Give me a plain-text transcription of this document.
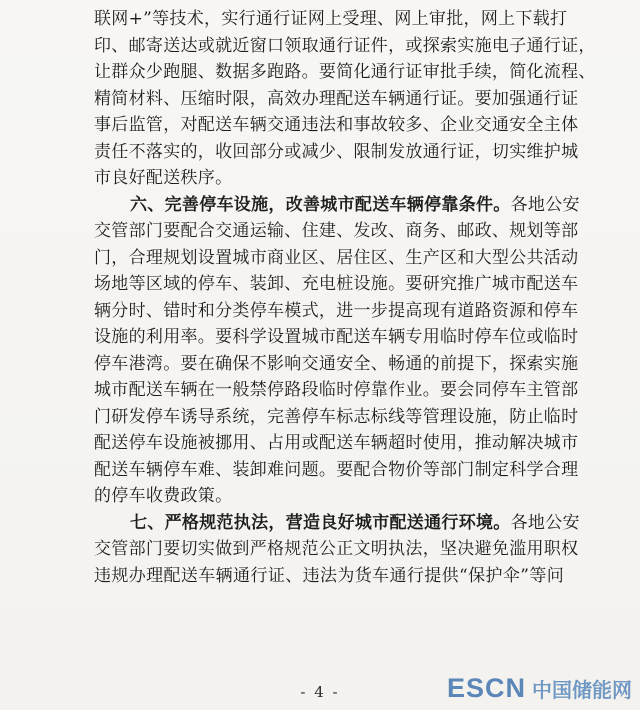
联网+”等技术，实行通行证网上受理、网上审批，网上下载打
印、邮寄送达或就近窗口领取通行证件，或探索实施电子通行证，
让群众少跑腿、数据多跑路。要简化通行证审批手续，简化流程、
精简材料、压缩时限，高效办理配送车辆通行证。要加强通行证
事后监管，对配送车辆交通违法和事故较多、企业交通安全主体
责任不落实的，收回部分或减少、限制发放通行证，切实维护城
市良好配送秩序。
六、完善停车设施，改善城市配送车辆停靠条件。各地公安
交管部门要配合交通运输、住建、发改、商务、邮政、规划等部
门，合理规划设置城市商业区、居住区、生产区和大型公共活动
场地等区域的停车、装卸、充电桩设施。要研究推广城市配送车
辆分时、错时和分类停车模式，进一步提高现有道路资源和停车
设施的利用率。要科学设置城市配送车辆专用临时停车位或临时
停车港湾。要在确保不影响交通安全、畅通的前提下，探索实施
城市配送车辆在一般禁停路段临时停靠作业。要会同停车主管部
门研发停车诱导系统，完善停车标志标线等管理设施，防止临时
配送停车设施被挪用、占用或配送车辆超时使用，推动解决城市
配送车辆停车难、装卸难问题。要配合物价等部门制定科学合理
的停车收费政策。
七、严格规范执法，营造良好城市配送通行环境。各地公安
交管部门要切实做到严格规范公正文明执法，坚决避免滥用职权
违规办理配送车辆通行证、违法为货车通行提供“保护伞”等问
- 4 -	ESCN 中国储能网
